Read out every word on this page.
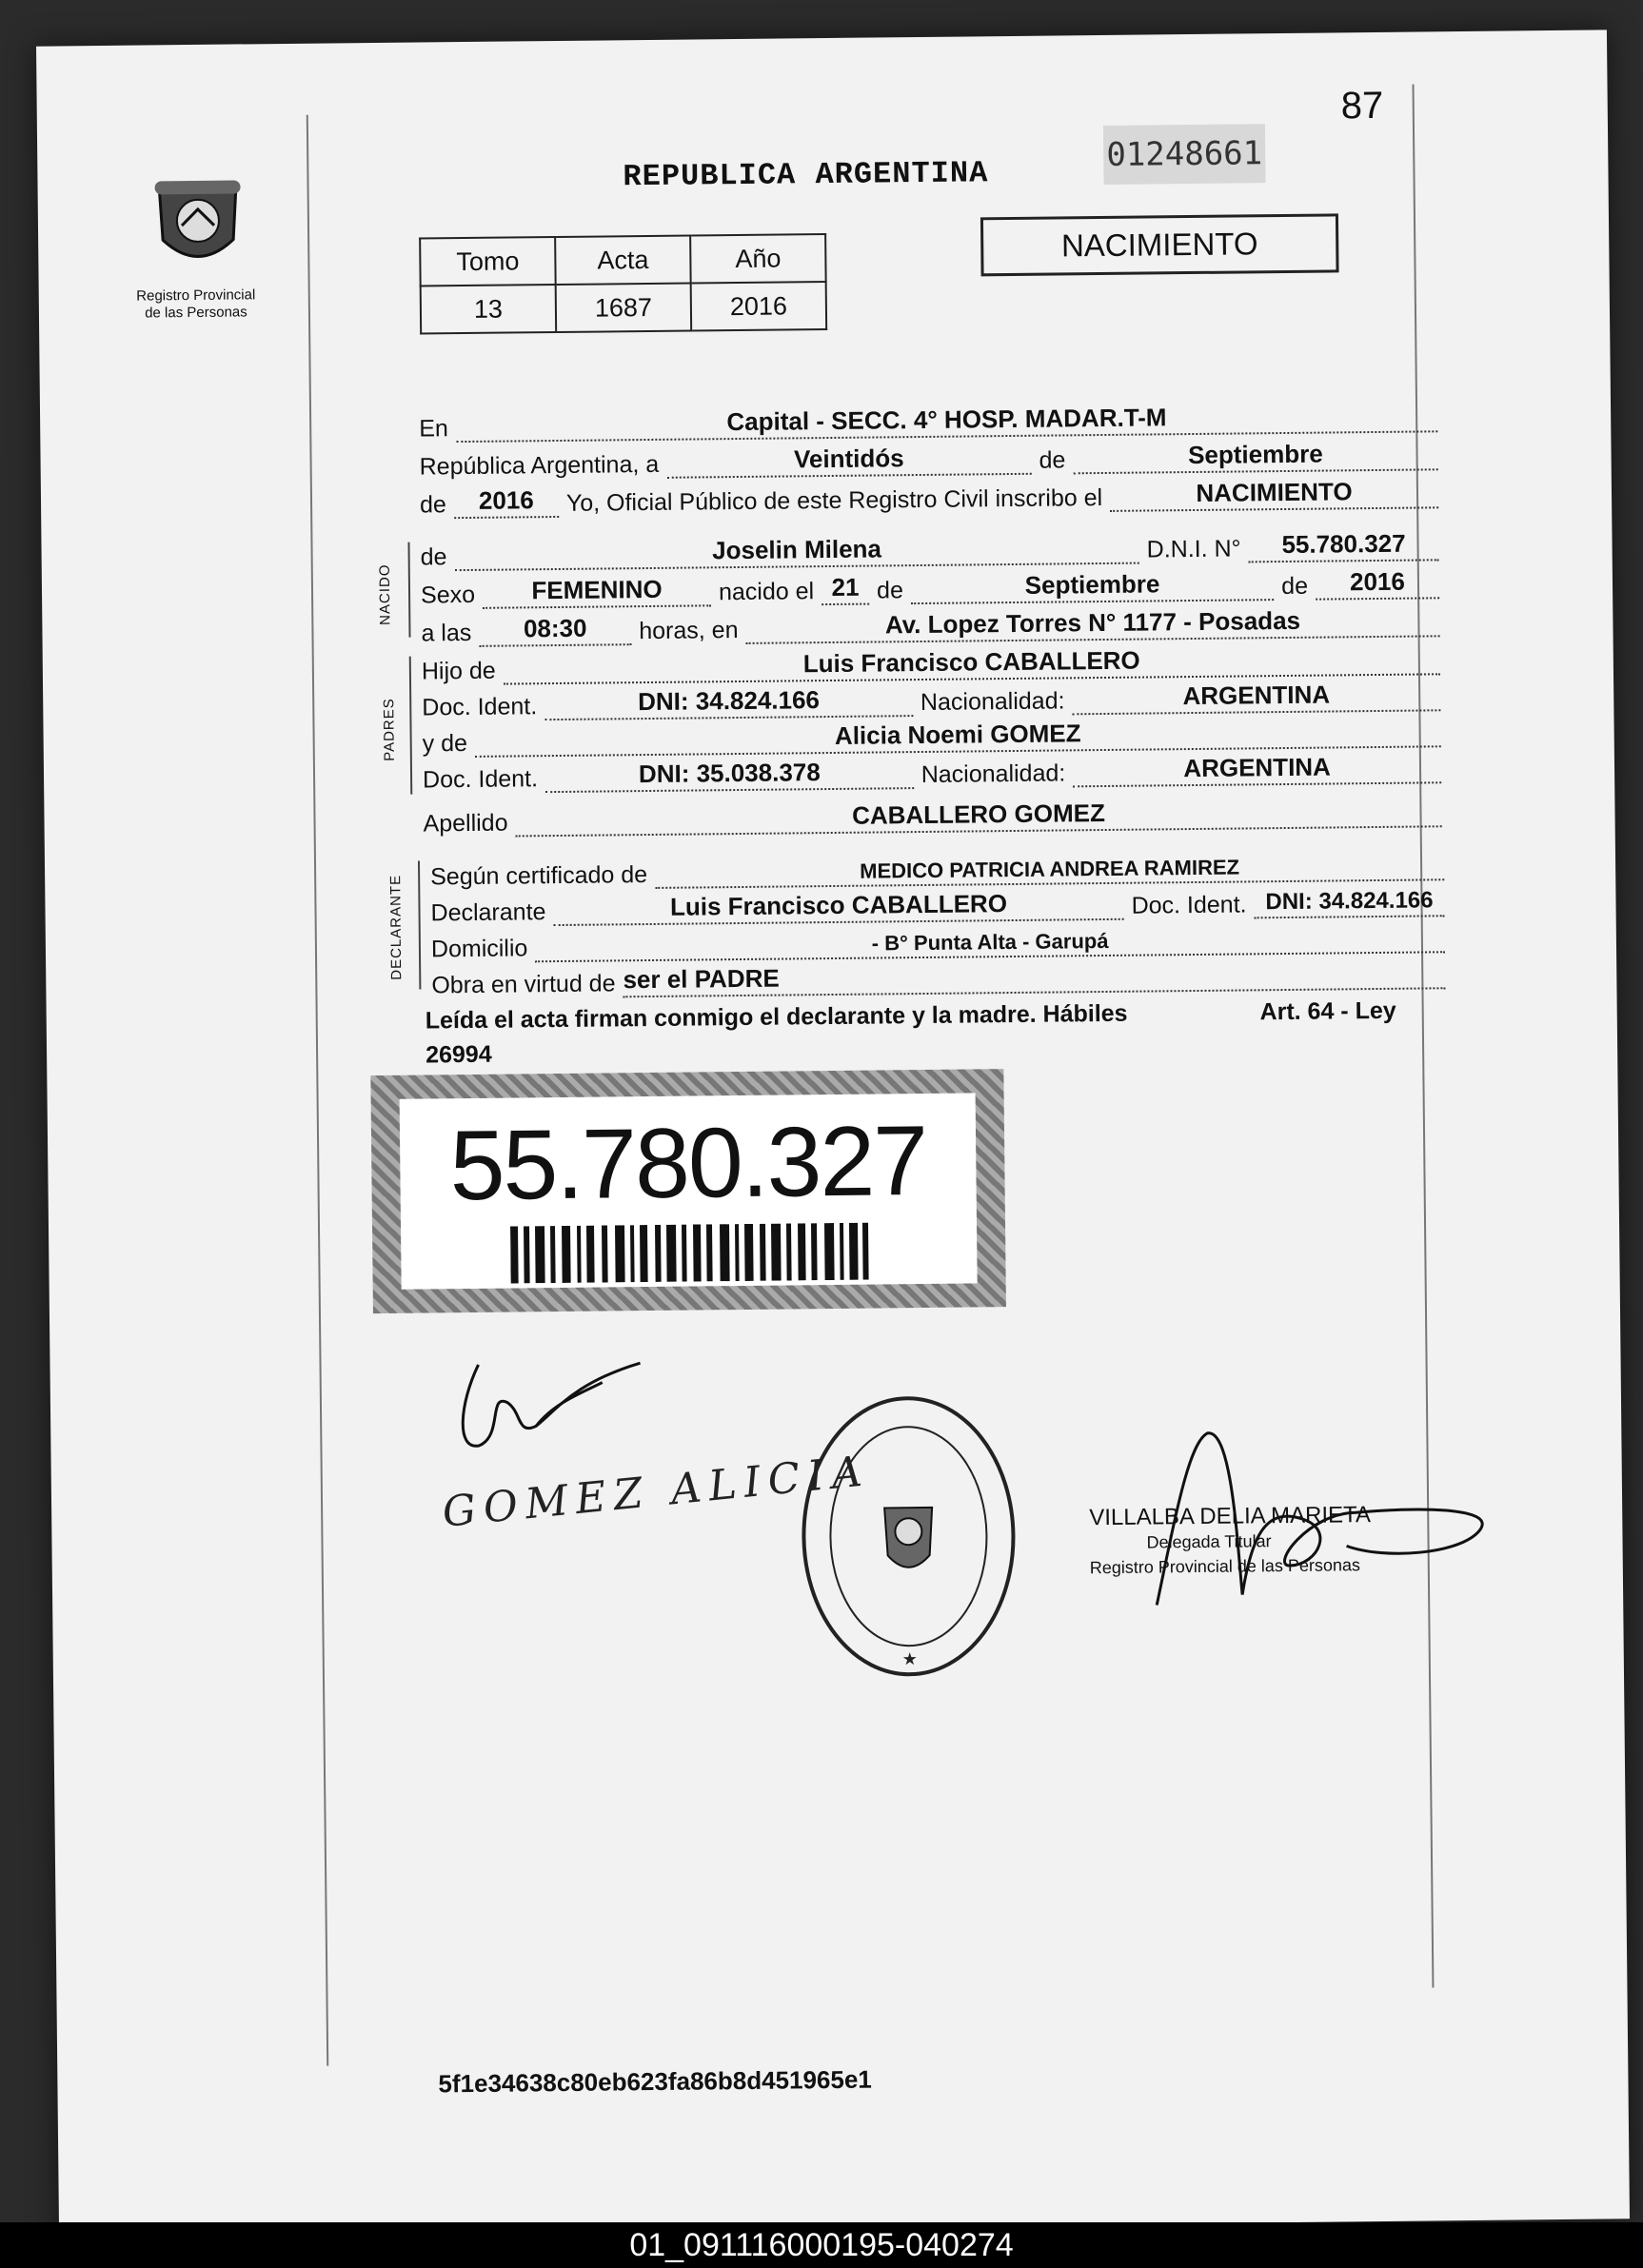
87
Registro Provincial
de las Personas
REPUBLICA ARGENTINA
01248661
Tomo	Acta	Año
13	1687	2016
NACIMIENTO
En	Capital - SECC. 4° HOSP. MADAR.T-M
República Argentina, a	Veintidós	de	Septiembre
de	2016	Yo, Oficial Público de este Registro Civil inscribo el	NACIMIENTO
NACIDO
de	Joselin Milena	D.N.I. N°	55.780.327
Sexo	FEMENINO	nacido el 21 de	Septiembre	de	2016
a las	08:30	horas, en	Av. Lopez Torres N° 1177 - Posadas
PADRES
Hijo de	Luis Francisco CABALLERO
Doc. Ident.	DNI: 34.824.166	Nacionalidad:	ARGENTINA
y de	Alicia Noemi GOMEZ
Doc. Ident.	DNI: 35.038.378	Nacionalidad:	ARGENTINA
Apellido	CABALLERO GOMEZ
DECLARANTE Según certificado de	MEDICO PATRICIA ANDREA RAMIREZ
Declarante	Luis Francisco CABALLERO	Doc. Ident. DNI: 34.824.166
Domicilio	- B° Punta Alta - Garupá
Obra en virtud de ser el PADRE
Art. 64 - Ley
Leída el acta firman conmigo el declarante y la madre. Hábiles
26994
55.780.327
GOMEZ ALICIA
★
VILLALBA DELIA MARIETA
Delegada Titular
Registro Provincial de las Personas
5f1e34638c80eb623fa86b8d451965e1
01_091116000195-040274
